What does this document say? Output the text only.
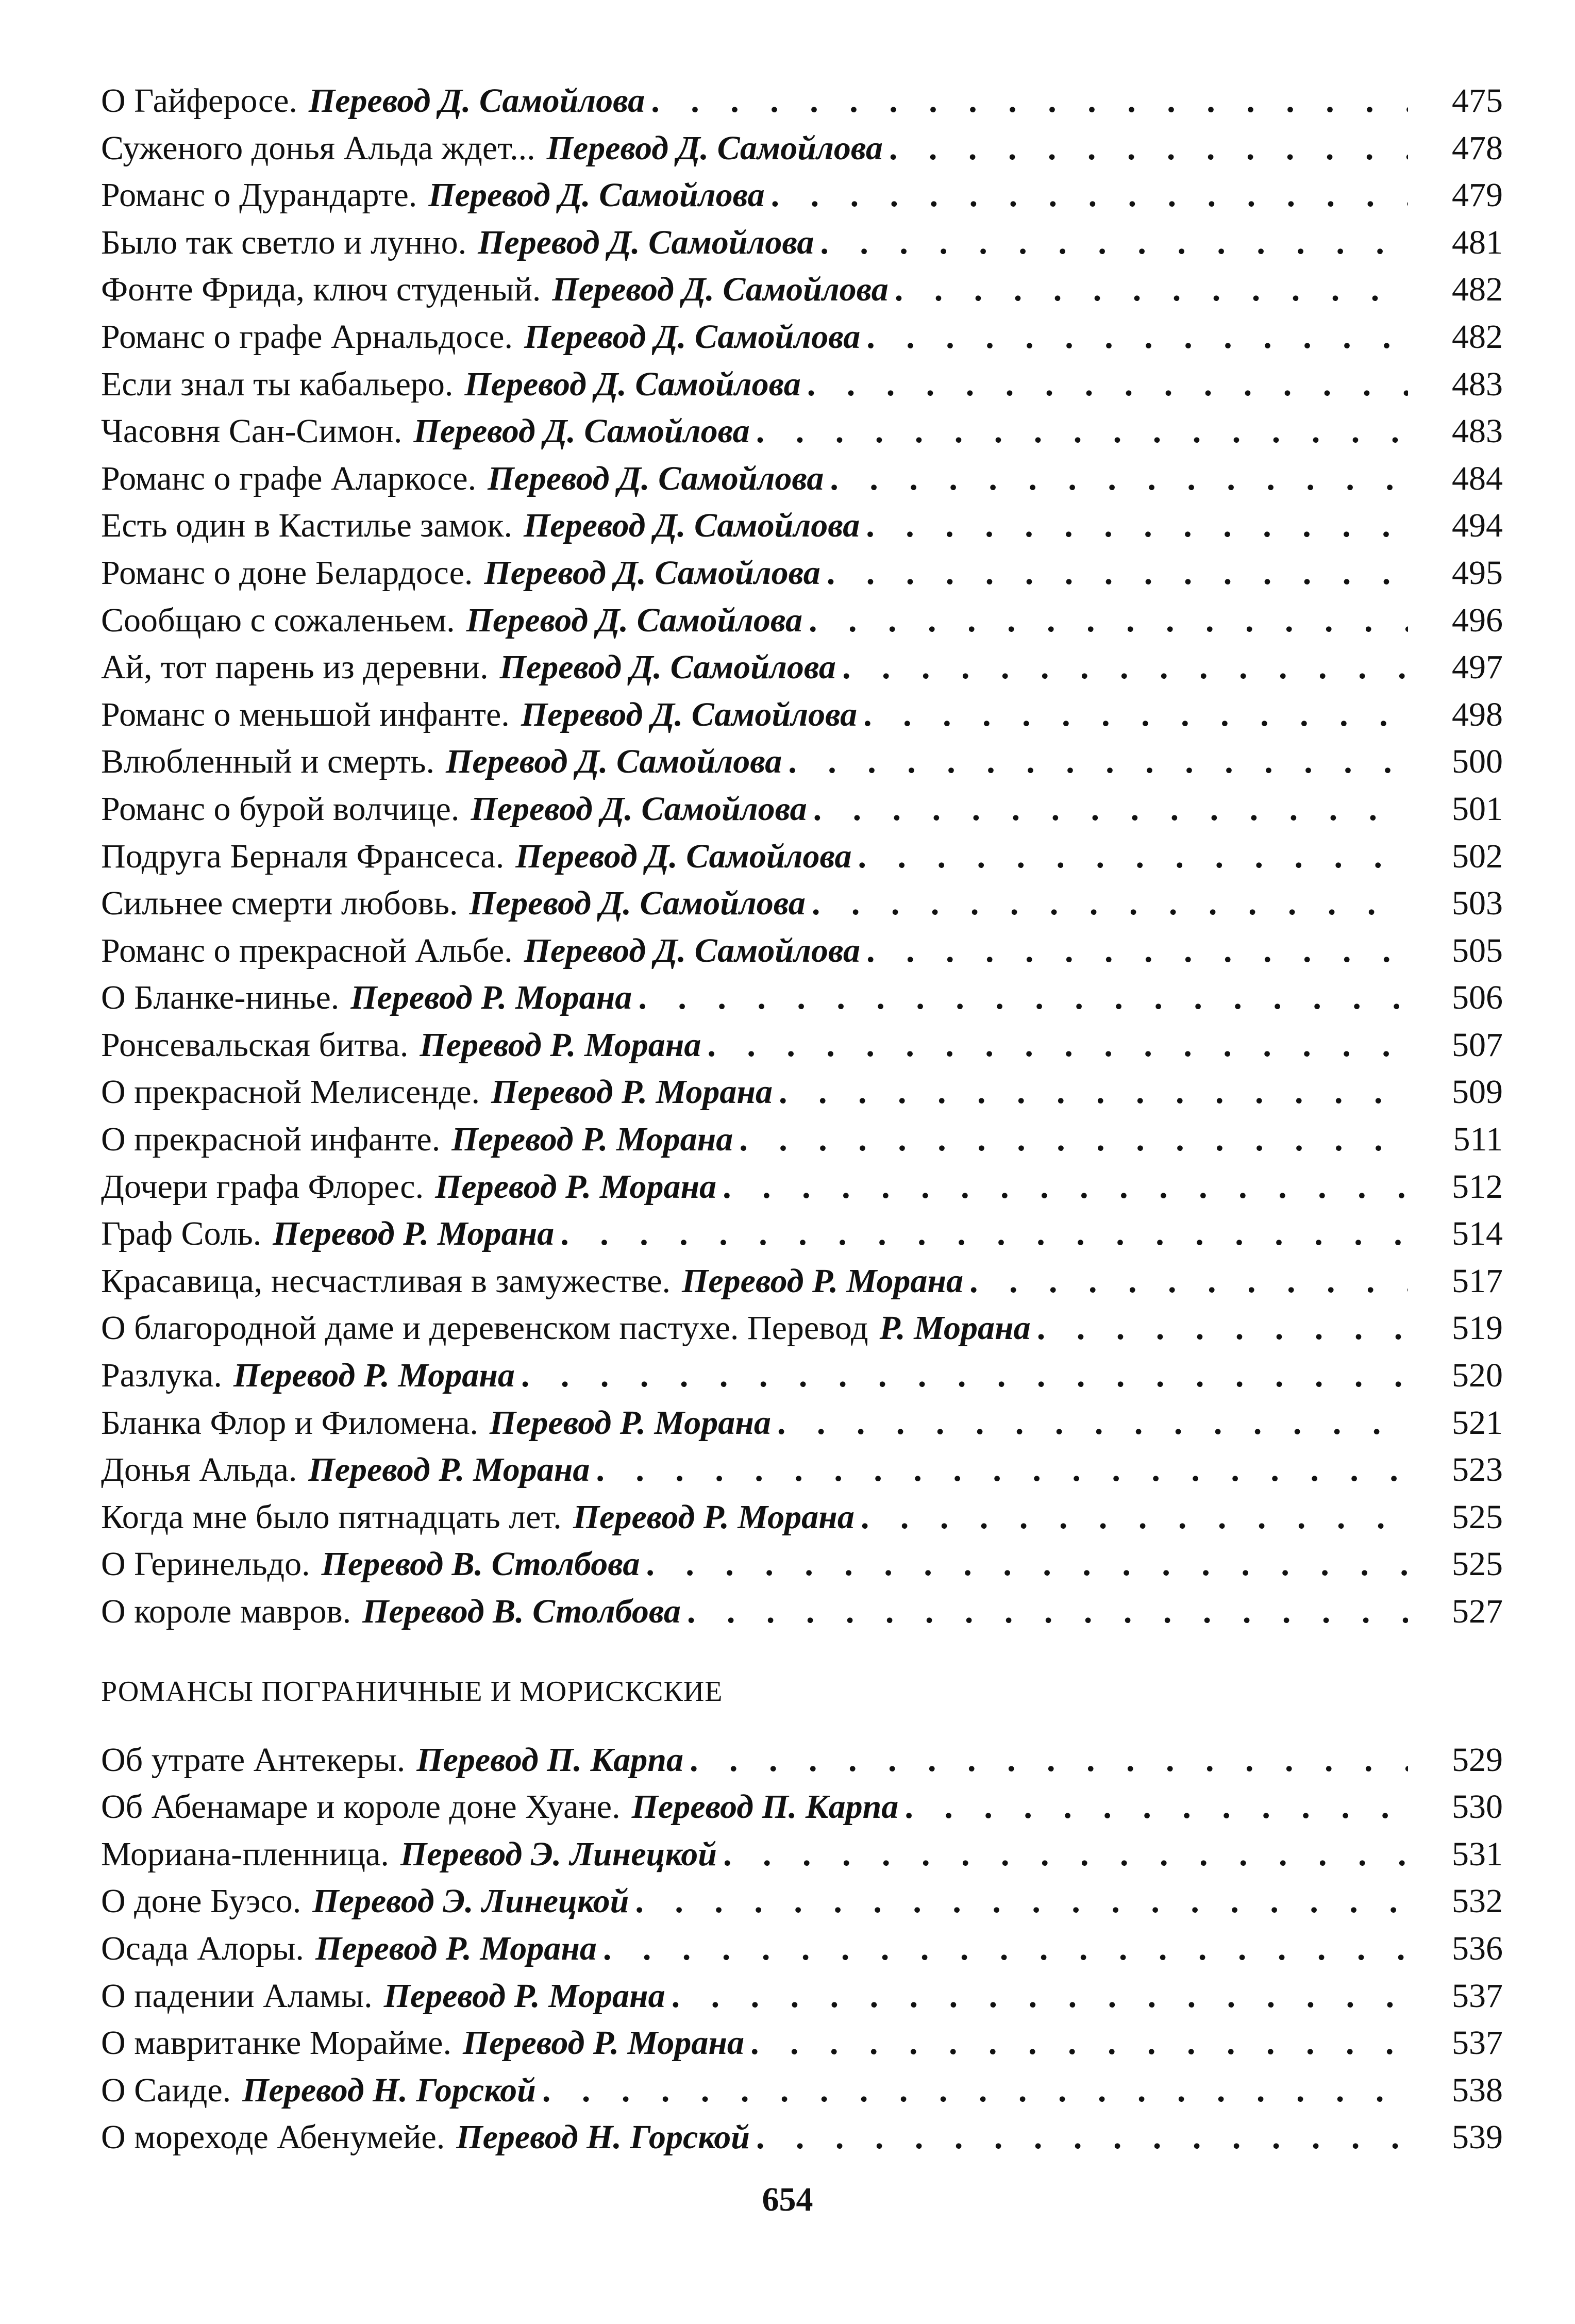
О Гайферосе. Перевод Д. Самойлова . . .	475
Суженого донья Альда ждет... Перевод Д. Самойлова . . .	478
Романс о Дурандарте. Перевод Д. Самойлова . . .	479
Было так светло и лунно. Перевод Д. Самойлова . . .	481
Фонте Фрида, ключ студеный. Перевод Д. Самойлова . . .	482
Романс о графе Арнальдосе. Перевод Д. Самойлова . . .	482
Если знал ты кабальеро. Перевод Д. Самойлова . . .	483
Часовня Сан-Симон. Перевод Д. Самойлова . . .	483
Романс о графе Аларкосе. Перевод Д. Самойлова . . .	484
Есть один в Кастилье замок. Перевод Д. Самойлова . . .	494
Романс о доне Белардосе. Перевод Д. Самойлова . . .	495
Сообщаю с сожаленьем. Перевод Д. Самойлова . . .	496
Ай, тот парень из деревни. Перевод Д. Самойлова . . .	497
Романс о меньшой инфанте. Перевод Д. Самойлова . . .	498
Влюбленный и смерть. Перевод Д. Самойлова . . .	500
Романс о бурой волчице. Перевод Д. Самойлова . . .	501
Подруга Берналя Франсеса. Перевод Д. Самойлова . . .	502
Сильнее смерти любовь. Перевод Д. Самойлова . . .	503
Романс о прекрасной Альбе. Перевод Д. Самойлова . . .	505
О Бланке-нинье. Перевод Р. Морана . . .	506
Ронсевальская битва. Перевод Р. Морана . . .	507
О прекрасной Мелисенде. Перевод Р. Морана . . .	509
О прекрасной инфанте. Перевод Р. Морана . . .	511
Дочери графа Флорес. Перевод Р. Морана . . .	512
Граф Соль. Перевод Р. Морана . . .	514
Красавица, несчастливая в замужестве. Перевод Р. Морана . . .	517
О благородной даме и деревенском пастухе. Перевод Р. Морана . . .	519
Разлука. Перевод Р. Морана . . .	520
Бланка Флор и Филомена. Перевод Р. Морана . . .	521
Донья Альда. Перевод Р. Морана . . .	523
Когда мне было пятнадцать лет. Перевод Р. Морана . . .	525
О Геринельдо. Перевод В. Столбова . . .	525
О короле мавров. Перевод В. Столбова . . .	527
РОМАНСЫ ПОГРАНИЧНЫЕ И МОРИСКСКИЕ
Об утрате Антекеры. Перевод П. Карпа . . .	529
Об Абенамаре и короле доне Хуане. Перевод П. Карпа . . .	530
Мориана-пленница. Перевод Э. Линецкой . . .	531
О доне Буэсо. Перевод Э. Линецкой . . .	532
Осада Алоры. Перевод Р. Морана . . .	536
О падении Аламы. Перевод Р. Морана . . .	537
О мавританке Морайме. Перевод Р. Морана . . .	537
О Саиде. Перевод Н. Горской . . .	538
О мореходе Абенумейе. Перевод Н. Горской . . .	539
654
